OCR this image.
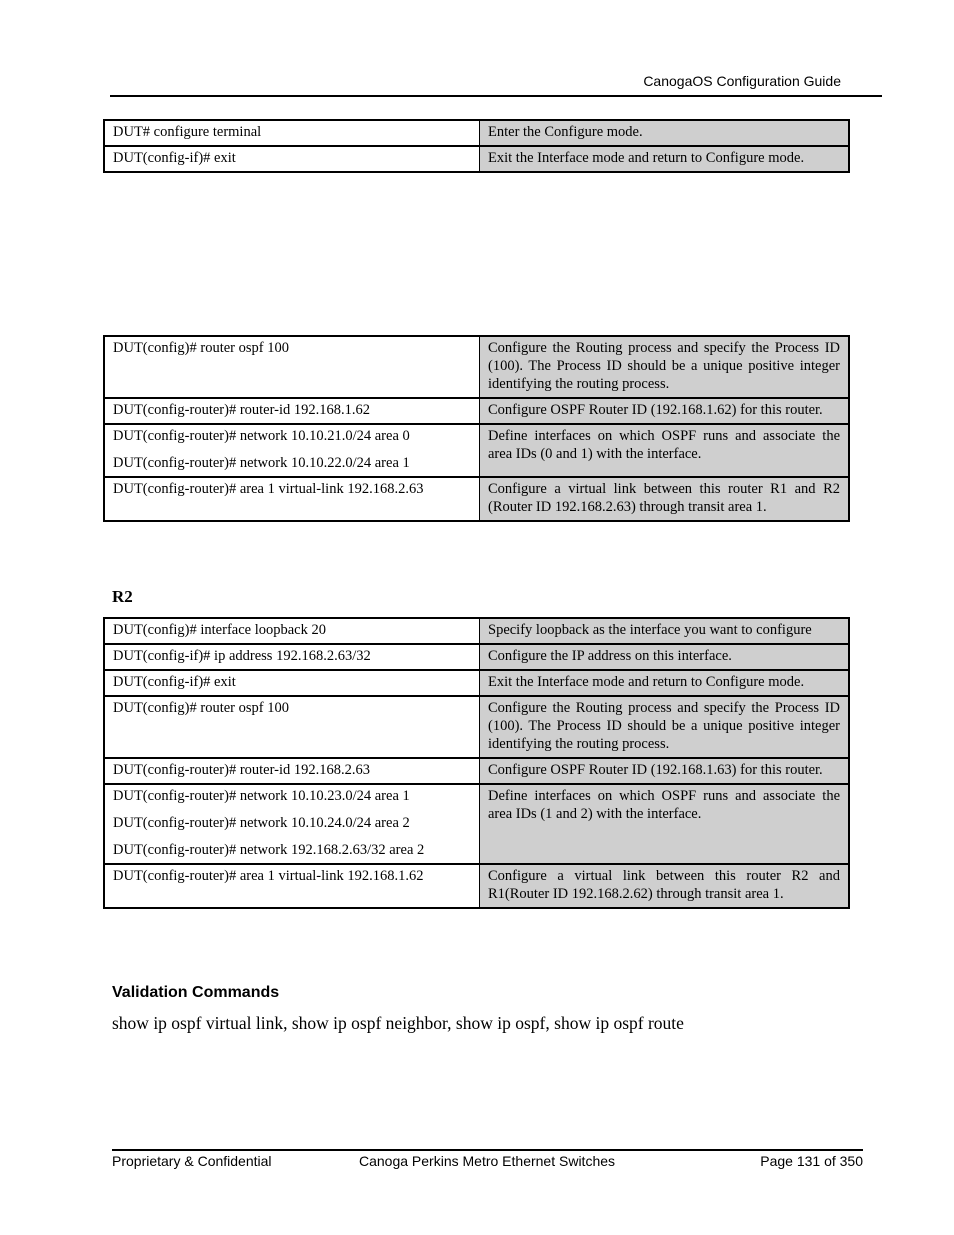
CanogaOS Configuration Guide
DUT# configure terminal	Enter the Configure mode.

DUT(config-if)# exit	Exit the Interface mode and return to Configure mode.
DUT(config)# router ospf 100	Configure the Routing process and specify the Process ID (100). The Process ID should be a unique positive integer identifying the routing process.

DUT(config-router)# router-id 192.168.1.62	Configure OSPF Router ID (192.168.1.62) for this router.

DUT(config-router)# network 10.10.21.0/24 area 0
DUT(config-router)# network 10.10.22.0/24 area 1	Define interfaces on which OSPF runs and associate the area IDs (0 and 1) with the interface.

DUT(config-router)# area 1 virtual-link 192.168.2.63	Configure a virtual link between this router R1 and R2 (Router ID 192.168.2.63) through transit area 1.
R2
DUT(config)# interface loopback 20	Specify loopback as the interface you want to configure

DUT(config-if)# ip address 192.168.2.63/32	Configure the IP address on this interface.

DUT(config-if)# exit	Exit the Interface mode and return to Configure mode.

DUT(config)# router ospf 100	Configure the Routing process and specify the Process ID (100). The Process ID should be a unique positive integer identifying the routing process.

DUT(config-router)# router-id 192.168.2.63	Configure OSPF Router ID (192.168.1.63) for this router.

DUT(config-router)# network 10.10.23.0/24 area 1
DUT(config-router)# network 10.10.24.0/24 area 2
DUT(config-router)# network 192.168.2.63/32 area 2	Define interfaces on which OSPF runs and associate the area IDs (1 and 2) with the interface.

DUT(config-router)# area 1 virtual-link 192.168.1.62	Configure a virtual link between this router R2 and R1(Router ID 192.168.2.62) through transit area 1.
Validation Commands
show ip ospf virtual link, show ip ospf neighbor, show ip ospf, show ip ospf route
Proprietary & Confidential	Canoga Perkins Metro Ethernet Switches	Page 131 of 350
